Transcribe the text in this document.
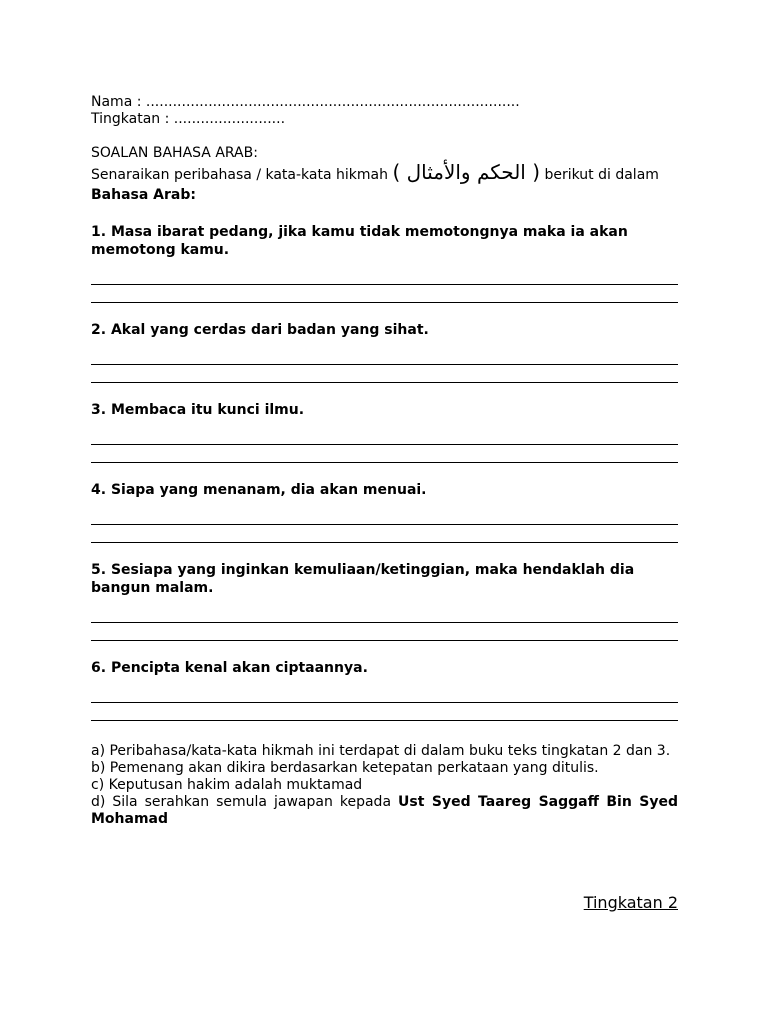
Nama : ....................................................................................
Tingkatan : .........................
SOALAN BAHASA ARAB:
Senaraikan peribahasa / kata-kata hikmah ( الحكم والأمثال ) berikut di dalam Bahasa Arab:
1. Masa ibarat pedang, jika kamu tidak memotongnya maka ia akan memotong kamu.
2. Akal yang cerdas dari badan yang sihat.
3. Membaca itu kunci ilmu.
4. Siapa yang menanam, dia akan menuai.
5. Sesiapa yang inginkan kemuliaan/ketinggian, maka hendaklah dia bangun malam.
6. Pencipta kenal akan ciptaannya.
a) Peribahasa/kata-kata hikmah ini terdapat di dalam buku teks tingkatan 2 dan 3.
b) Pemenang akan dikira berdasarkan ketepatan perkataan yang ditulis.
c) Keputusan hakim adalah muktamad
d) Sila serahkan semula jawapan kepada Ust Syed Taareg Saggaff Bin Syed Mohamad
Tingkatan 2
